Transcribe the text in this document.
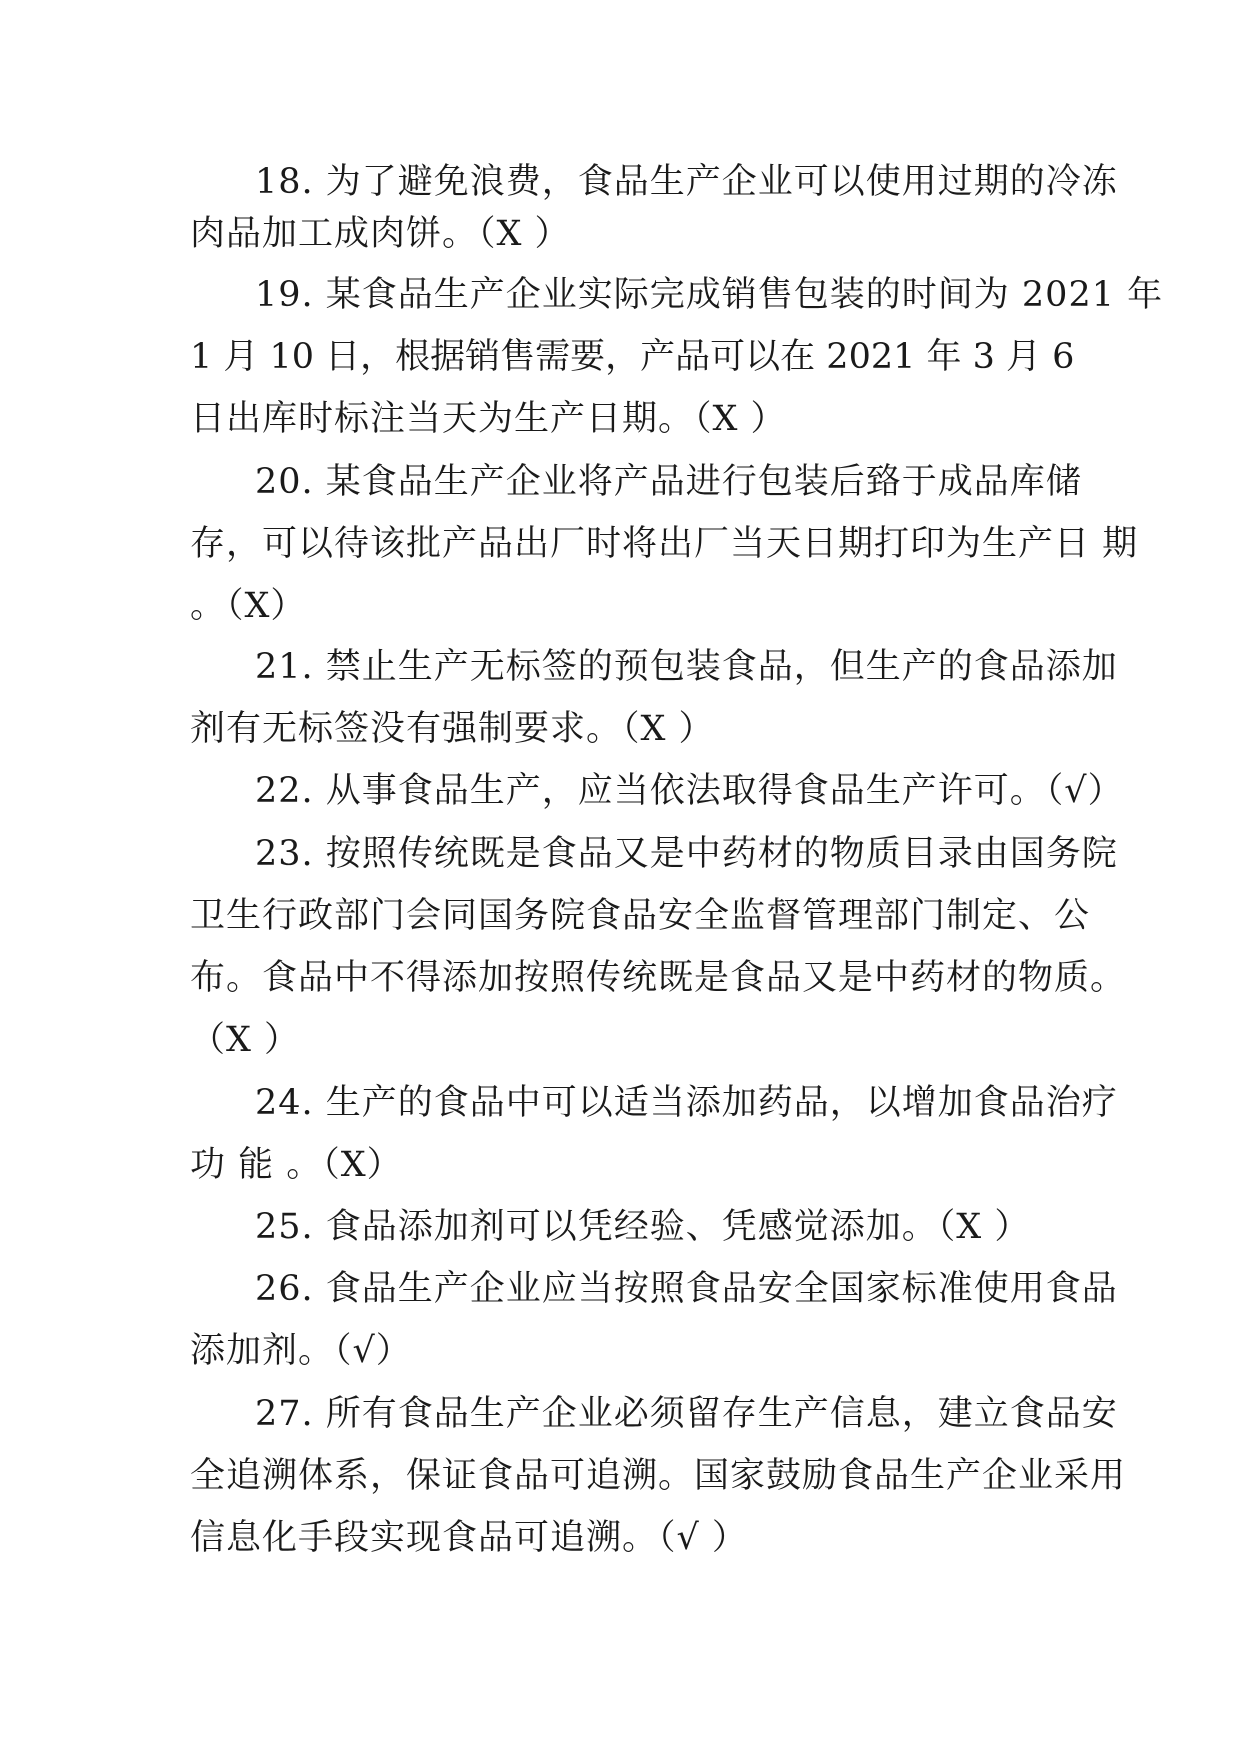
18. 为了避免浪费，食品生产企业可以使用过期的冷冻
肉品加工成肉饼。（X ）
19. 某食品生产企业实际完成销售包装的时间为 2021 年
1 月 10 日，根据销售需要，产品可以在 2021 年 3 月 6
日出库时标注当天为生产日期。（X ）
20. 某食品生产企业将产品进行包装后臵于成品库储
存，可以待该批产品出厂时将出厂当天日期打印为生产日 期
。（X）
21. 禁止生产无标签的预包装食品，但生产的食品添加
剂有无标签没有强制要求。（X ）
22. 从事食品生产，应当依法取得食品生产许可。（√）
23. 按照传统既是食品又是中药材的物质目录由国务院
卫生行政部门会同国务院食品安全监督管理部门制定、公
布。食品中不得添加按照传统既是食品又是中药材的物质。
（X ）
24. 生产的食品中可以适当添加药品，以增加食品治疗
功 能 。（X）
25. 食品添加剂可以凭经验、凭感觉添加。（X ）
26. 食品生产企业应当按照食品安全国家标准使用食品
添加剂。（√）
27. 所有食品生产企业必须留存生产信息，建立食品安
全追溯体系，保证食品可追溯。国家鼓励食品生产企业采用
信息化手段实现食品可追溯。（√ ）
